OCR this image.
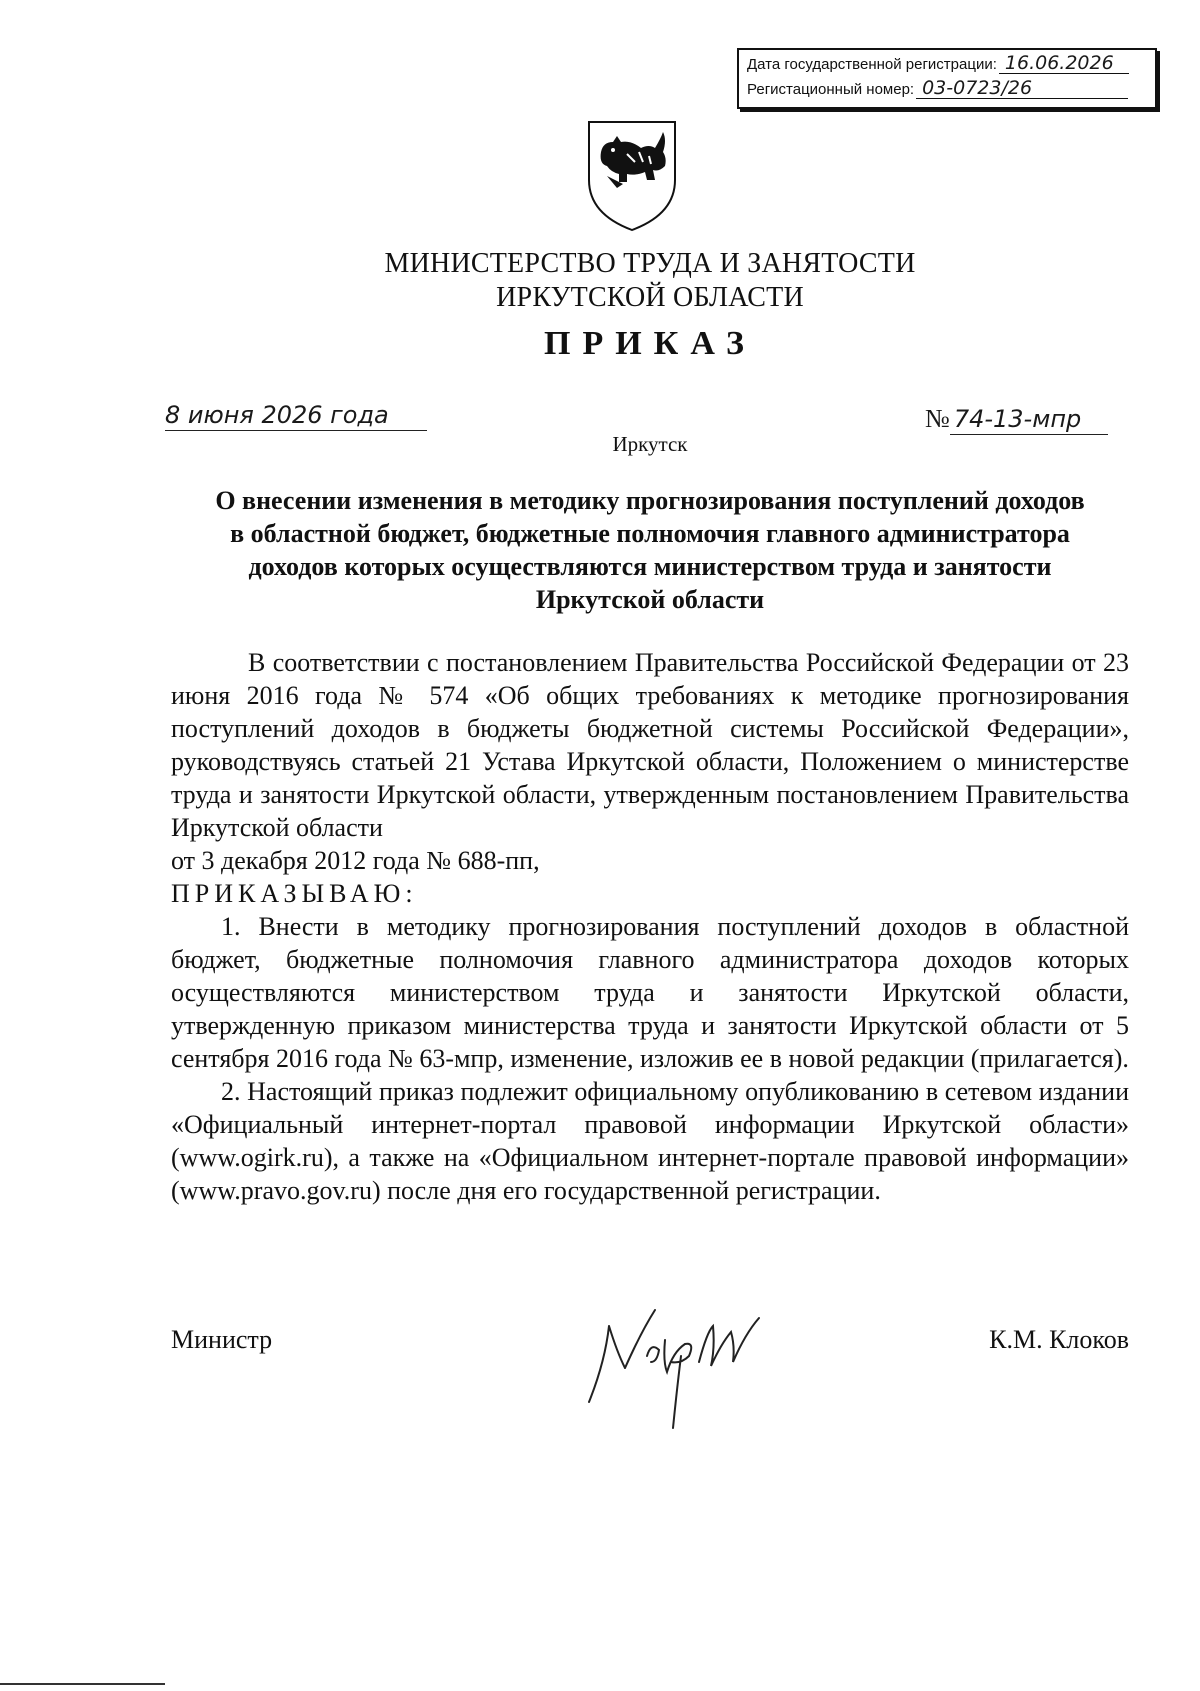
Дата государственной регистрации: 16.06.2026
Регистационный номер: 03-0723/26
МИНИСТЕРСТВО ТРУДА И ЗАНЯТОСТИ
ИРКУТСКОЙ ОБЛАСТИ
ПРИКАЗ
8 июня 2026 года	№ 74-13-мпр
Иркутск
О внесении изменения в методику прогнозирования поступлений доходов
в областной бюджет, бюджетные полномочия главного администратора
доходов которых осуществляются министерством труда и занятости
Иркутской области

В соответствии с постановлением Правительства Российской Федерации от 23 июня 2016 года № 574 «Об общих требованиях к методике прогнозирования поступлений доходов в бюджеты бюджетной системы Российской Федерации», руководствуясь статьей 21 Устава Иркутской области, Положением о министерстве труда и занятости Иркутской области, утвержденным постановлением Правительства Иркутской области

от 3 декабря 2012 года № 688-пп,

ПРИКАЗЫВАЮ:

1. Внести в методику прогнозирования поступлений доходов в областной бюджет, бюджетные полномочия главного администратора доходов которых осуществляются министерством труда и занятости Иркутской области, утвержденную приказом министерства труда и занятости Иркутской области от 5 сентября 2016 года № 63-мпр, изменение, изложив ее в новой редакции (прилагается).

2. Настоящий приказ подлежит официальному опубликованию в сетевом издании «Официальный интернет-портал правовой информации Иркутской области» (www.ogirk.ru), а также на «Официальном интернет-портале правовой информации» (www.pravo.gov.ru) после дня его государственной регистрации.

Министр	К.М. Клоков
